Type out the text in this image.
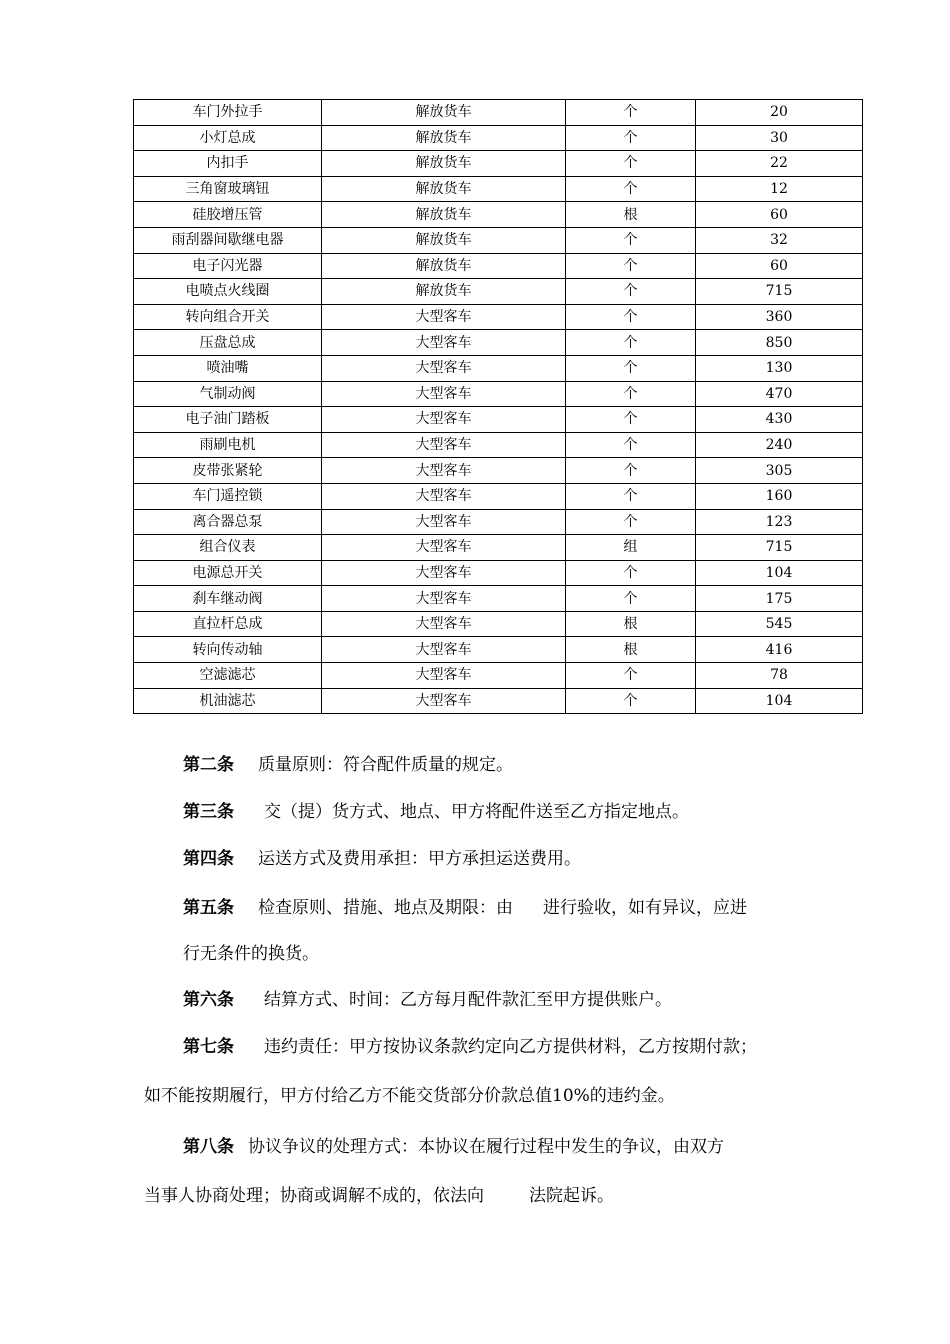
车门外拉手	解放货车	个	20
小灯总成	解放货车	个	30
内扣手	解放货车	个	22
三角窗玻璃钮	解放货车	个	12
硅胶增压管	解放货车	根	60
雨刮器间歇继电器	解放货车	个	32
电子闪光器	解放货车	个	60
电喷点火线圈	解放货车	个	715
转向组合开关	大型客车	个	360
压盘总成	大型客车	个	850
喷油嘴	大型客车	个	130
气制动阀	大型客车	个	470
电子油门踏板	大型客车	个	430
雨刷电机	大型客车	个	240
皮带张紧轮	大型客车	个	305
车门遥控锁	大型客车	个	160
离合器总泵	大型客车	个	123
组合仪表	大型客车	组	715
电源总开关	大型客车	个	104
刹车继动阀	大型客车	个	175
直拉杆总成	大型客车	根	545
转向传动轴	大型客车	根	416
空滤滤芯	大型客车	个	78
机油滤芯	大型客车	个	104
第二条 质量原则：符合配件质量的规定。
第三条 交（提）货方式、地点、甲方将配件送至乙方指定地点。
第四条 运送方式及费用承担：甲方承担运送费用。
第五条 检查原则、措施、地点及期限：由 进行验收，如有异议，应进
行无条件的换货。
第六条 结算方式、时间：乙方每月配件款汇至甲方提供账户。
第七条 违约责任：甲方按协议条款约定向乙方提供材料，乙方按期付款；
如不能按期履行，甲方付给乙方不能交货部分价款总值10%的违约金。
第八条 协议争议的处理方式：本协议在履行过程中发生的争议，由双方
当事人协商处理；协商或调解不成的，依法向	法院起诉。
